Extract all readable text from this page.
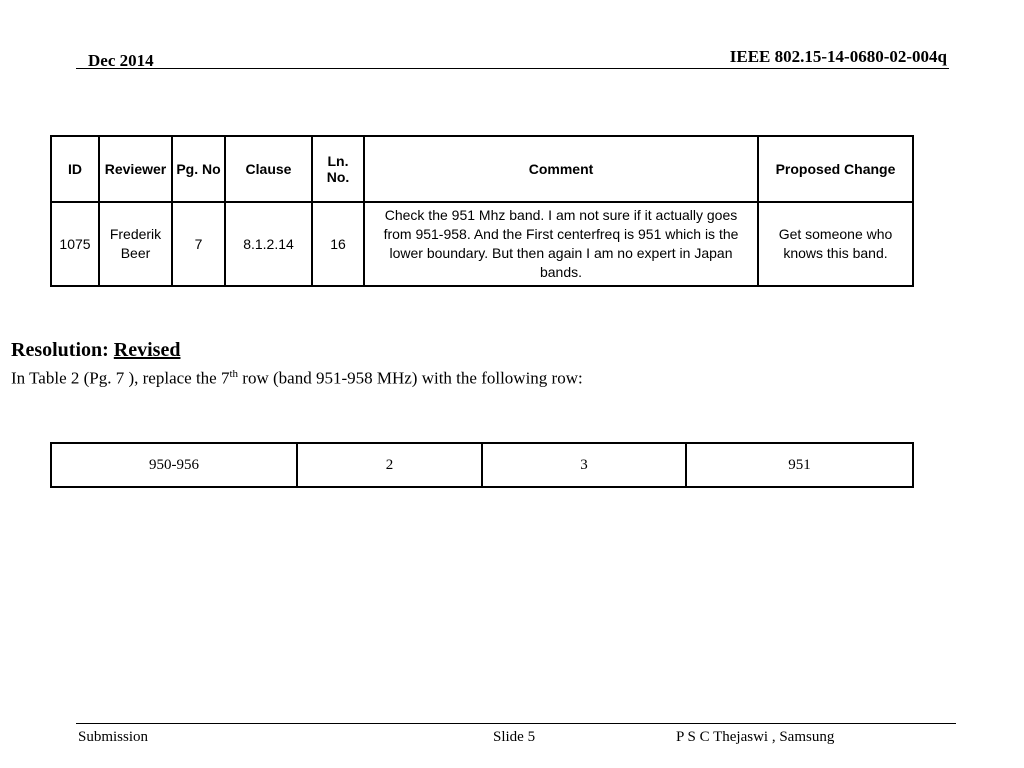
Dec 2014	IEEE 802.15-14-0680-02-004q
ID	Reviewer	Pg. No	Clause	Ln. No.	Comment	Proposed Change
1075	Frederik Beer	7	8.1.2.14	16	Check the 951 Mhz band. I am not sure if it actually goes from 951-958. And the First centerfreq is 951 which is the lower boundary. But then again I am no expert in Japan bands.	Get someone who knows this band.
Resolution: Revised
In Table 2 (Pg. 7 ), replace the 7th row (band 951-958 MHz) with the following row:
950-956	2	3	951
Submission	Slide 5	P S C Thejaswi , Samsung
